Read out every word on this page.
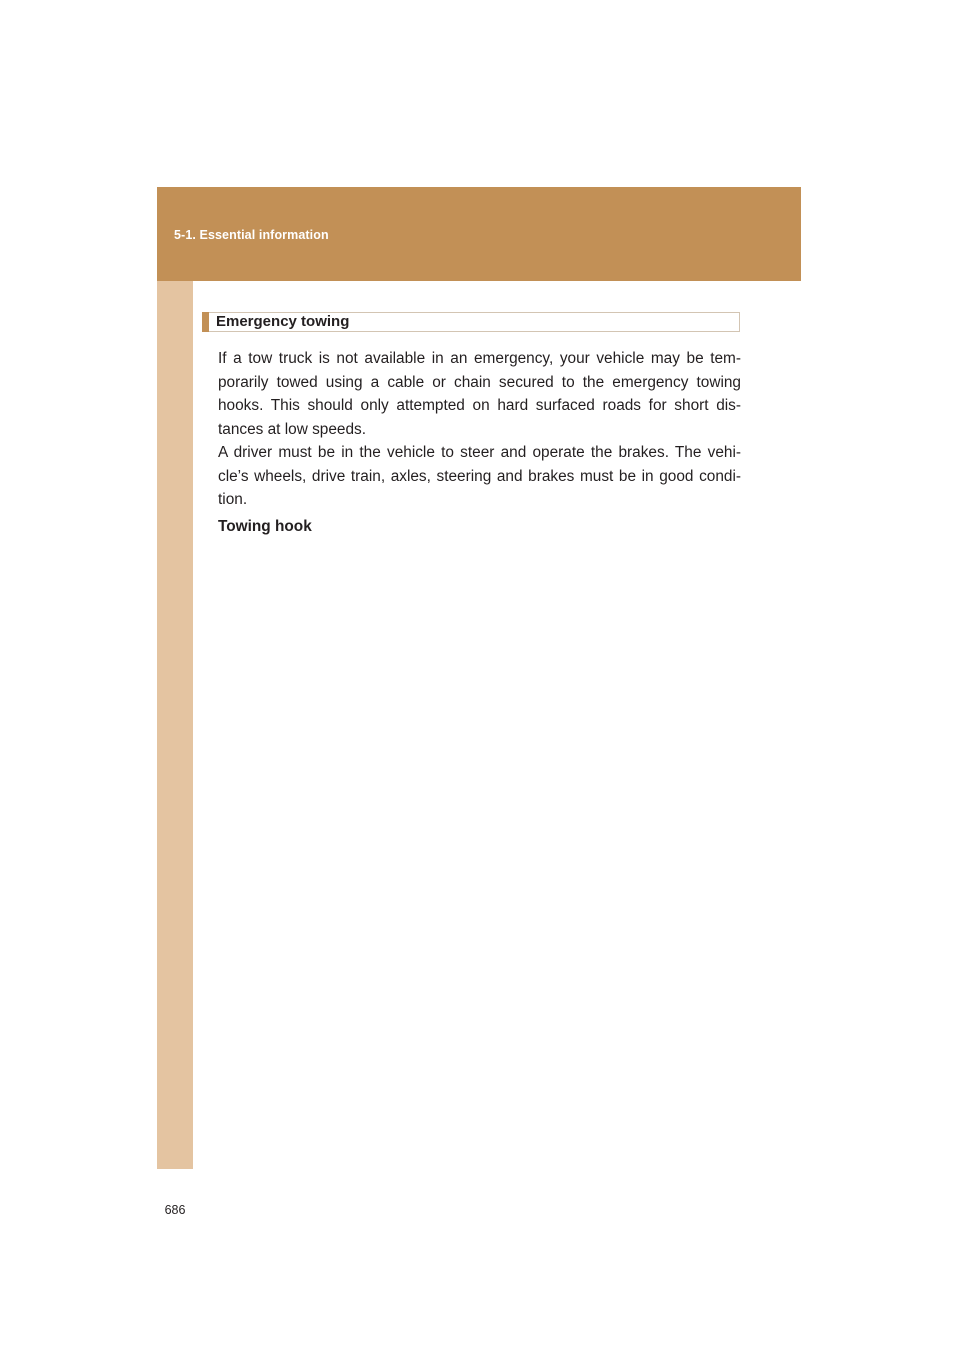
5-1. Essential information
686
Emergency towing
If a tow truck is not available in an emergency, your vehicle may be tem-porarily towed using a cable or chain secured to the emergency towing hooks. This should only attempted on hard surfaced roads for short dis-tances at low speeds.
A driver must be in the vehicle to steer and operate the brakes. The vehi-cle’s wheels, drive train, axles, steering and brakes must be in good condi-tion.
Towing hook
